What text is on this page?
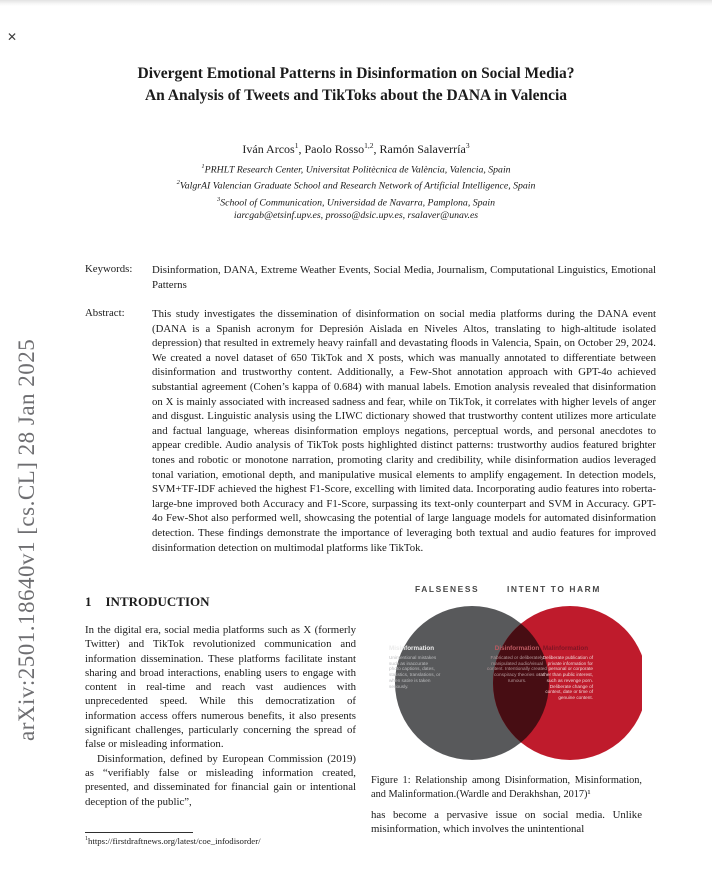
✕
arXiv:2501.18640v1 [cs.CL] 28 Jan 2025
Divergent Emotional Patterns in Disinformation on Social Media?
An Analysis of Tweets and TikToks about the DANA in Valencia
Iván Arcos$^1$, Paolo Rosso$^{1,2}$, Ramón Salaverría$^3$
$^1$PRHLT Research Center, Universitat Politècnica de València, Valencia, Spain
$^2$ValgrAI Valencian Graduate School and Research Network of Artificial Intelligence, Spain
$^3$School of Communication, Universidad de Navarra, Pamplona, Spain
iarcgab@etsinf.upv.es, prosso@dsic.upv.es, rsalaver@unav.es
Keywords:	Disinformation, DANA, Extreme Weather Events, Social Media, Journalism, Computational Linguistics, Emotional Patterns
Abstract:	This study investigates the dissemination of disinformation on social media platforms during the DANA event (DANA is a Spanish acronym for Depresión Aislada en Niveles Altos, translating to high-altitude isolated depression) that resulted in extremely heavy rainfall and devastating floods in Valencia, Spain, on October 29, 2024. We created a novel dataset of 650 TikTok and X posts, which was manually annotated to differentiate between disinformation and trustworthy content. Additionally, a Few-Shot annotation approach with GPT-4o achieved substantial agreement (Cohen’s kappa of 0.684) with manual labels. Emotion analysis revealed that disinformation on X is mainly associated with increased sadness and fear, while on TikTok, it correlates with higher levels of anger and disgust. Linguistic analysis using the LIWC dictionary showed that trustworthy content utilizes more articulate and factual language, whereas disinformation employs negations, perceptual words, and personal anecdotes to appear credible. Audio analysis of TikTok posts highlighted distinct patterns: trustworthy audios featured brighter tones and robotic or monotone narration, promoting clarity and credibility, while disinformation audios leveraged tonal variation, emotional depth, and manipulative musical elements to amplify engagement. In detection models, SVM+TF-IDF achieved the highest F1-Score, excelling with limited data. Incorporating audio features into roberta-large-bne improved both Accuracy and F1-Score, surpassing its text-only counterpart and SVM in Accuracy. GPT-4o Few-Shot also performed well, showcasing the potential of large language models for automated disinformation detection. These findings demonstrate the importance of leveraging both textual and audio features for improved disinformation detection on multimodal platforms like TikTok.
1 INTRODUCTION

In the digital era, social media platforms such as X (formerly Twitter) and TikTok revolutionized communication and information dissemination. These platforms facilitate instant sharing and broad interactions, enabling users to engage with content in real-time and reach vast audiences with unprecedented speed. While this democratization of information access offers numerous benefits, it also presents significant challenges, particularly concerning the spread of false or misleading information.

Disinformation, defined by European Commission (2019) as “verifiably false or misleading information created, presented, and disseminated for financial gain or intentional deception of the public”,

$^1$https://firstdraftnews.org/latest/coe_infodisorder/
FALSENESS	INTENT TO HARM
Misinformation
Unintentional mistakes such as inaccurate photo captions, dates, statistics, translations, or when satire is taken seriously.
Disinformation
Fabricated or deliberately manipulated audio/visual content. Intentionally created conspiracy theories or rumours.
Malinformation
Deliberate publication of private information for personal or corporate rather than public interest, such as revenge porn. Deliberate change of context, date or time of genuine content.
Figure 1: Relationship among Disinformation, Misinformation, and Malinformation.(Wardle and Derakhshan, 2017)¹

has become a pervasive issue on social media. Unlike misinformation, which involves the unintentional
